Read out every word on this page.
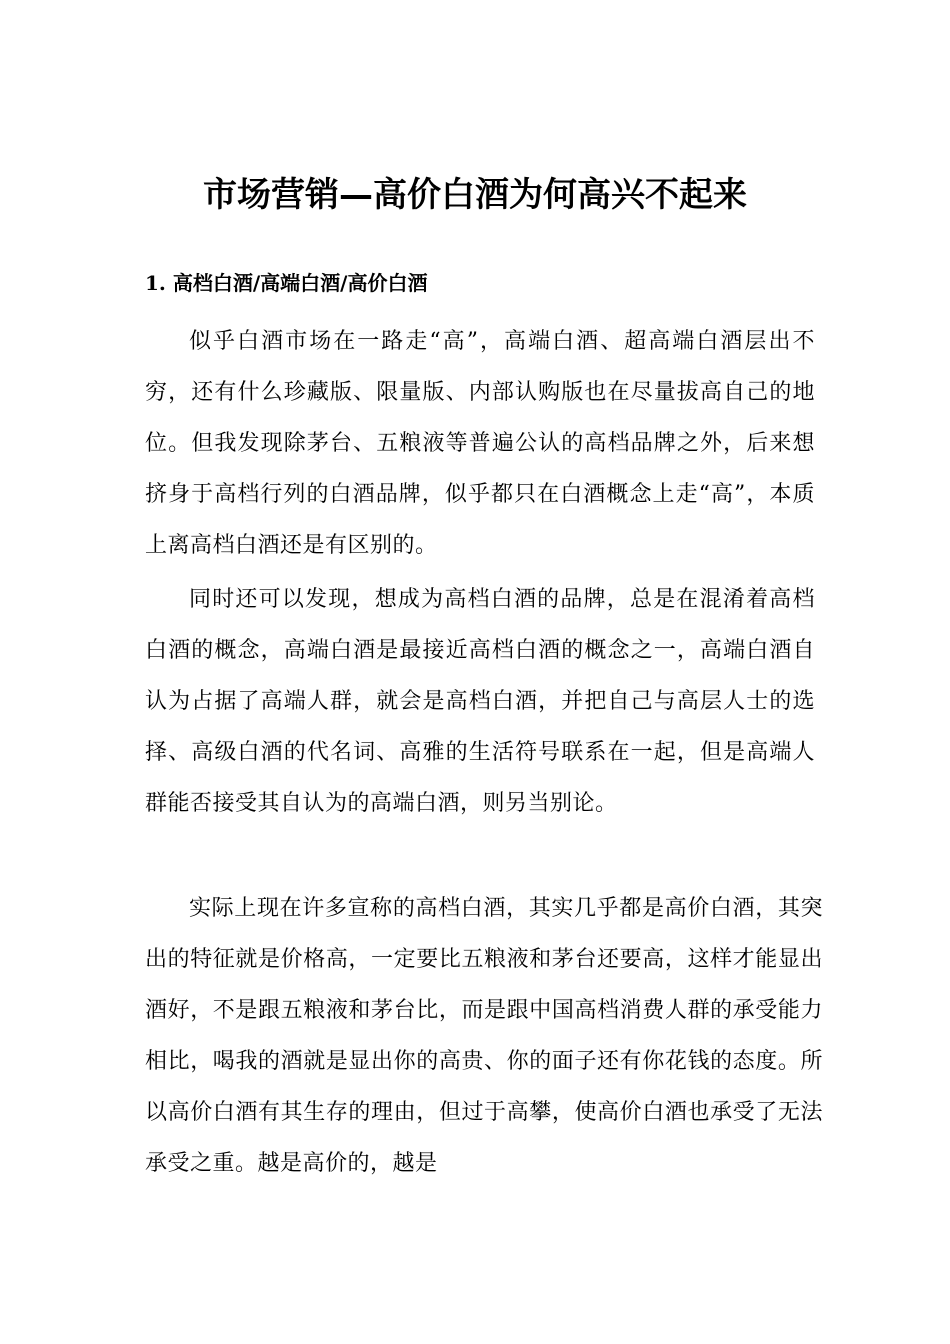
市场营销—高价白酒为何高兴不起来
1. 高档白酒/高端白酒/高价白酒

似乎白酒市场在一路走“高”，高端白酒、超高端白酒层出不穷，还有什么珍藏版、限量版、内部认购版也在尽量拔高自己的地位。但我发现除茅台、五粮液等普遍公认的高档品牌之外，后来想挤身于高档行列的白酒品牌，似乎都只在白酒概念上走“高”，本质上离高档白酒还是有区别的。

同时还可以发现，想成为高档白酒的品牌，总是在混淆着高档白酒的概念，高端白酒是最接近高档白酒的概念之一，高端白酒自认为占据了高端人群，就会是高档白酒，并把自己与高层人士的选择、高级白酒的代名词、高雅的生活符号联系在一起，但是高端人群能否接受其自认为的高端白酒，则另当别论。

实际上现在许多宣称的高档白酒，其实几乎都是高价白酒，其突出的特征就是价格高，一定要比五粮液和茅台还要高，这样才能显出酒好，不是跟五粮液和茅台比，而是跟中国高档消费人群的承受能力相比，喝我的酒就是显出你的高贵、你的面子还有你花钱的态度。所以高价白酒有其生存的理由，但过于高攀，使高价白酒也承受了无法承受之重。越是高价的，越是
